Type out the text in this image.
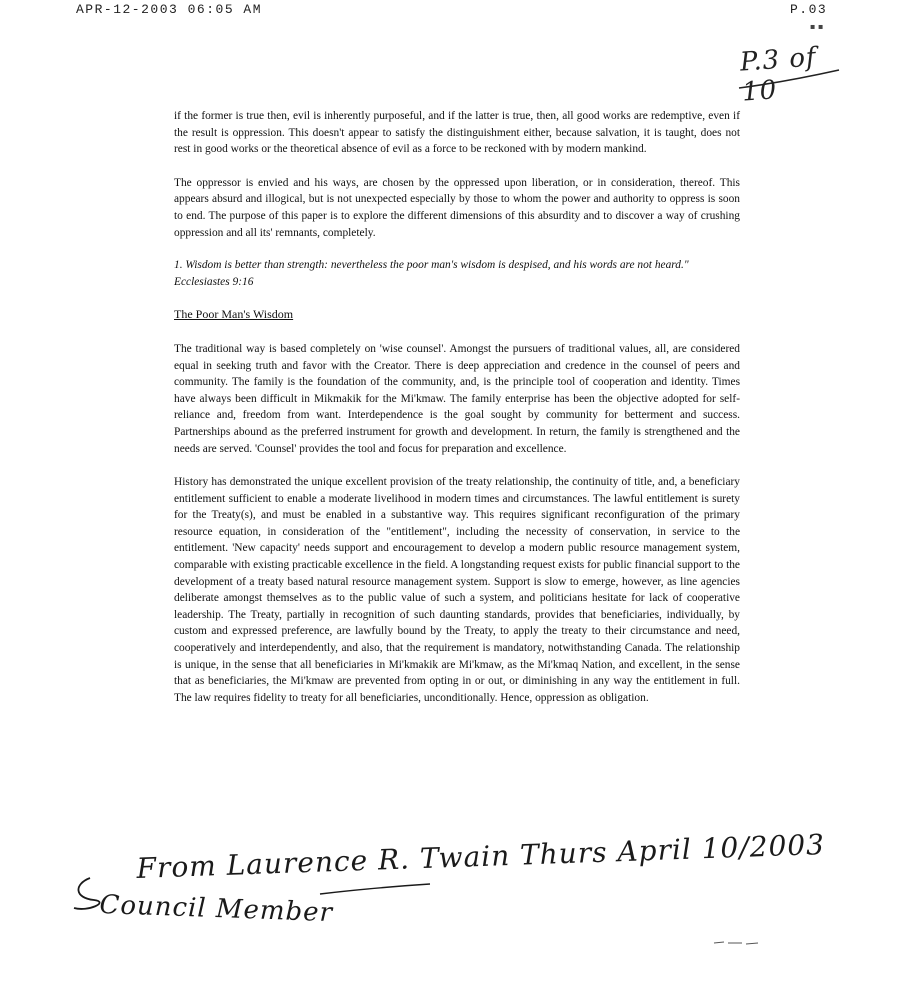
APR-12-2003 06:05 AM	P.03
▪ ▪
P.3 of 10

if the former is true then, evil is inherently purposeful, and if the latter is true, then, all good works are redemptive, even if the result is oppression. This doesn't appear to satisfy the distinguishment either, because salvation, it is taught, does not rest in good works or the theoretical absence of evil as a force to be reckoned with by modern mankind.

The oppressor is envied and his ways, are chosen by the oppressed upon liberation, or in consideration, thereof. This appears absurd and illogical, but is not unexpected especially by those to whom the power and authority to oppress is soon to end. The purpose of this paper is to explore the different dimensions of this absurdity and to discover a way of crushing oppression and all its' remnants, completely.

1. Wisdom is better than strength: nevertheless the poor man's wisdom is despised, and his words are not heard." Ecclesiastes 9:16

The Poor Man's Wisdom

The traditional way is based completely on 'wise counsel'. Amongst the pursuers of traditional values, all, are considered equal in seeking truth and favor with the Creator. There is deep appreciation and credence in the counsel of peers and community. The family is the foundation of the community, and, is the principle tool of cooperation and identity. Times have always been difficult in Mikmakik for the Mi'kmaw. The family enterprise has been the objective adopted for self-reliance and, freedom from want. Interdependence is the goal sought by community for betterment and success. Partnerships abound as the preferred instrument for growth and development. In return, the family is strengthened and the needs are served. 'Counsel' provides the tool and focus for preparation and excellence.

History has demonstrated the unique excellent provision of the treaty relationship, the continuity of title, and, a beneficiary entitlement sufficient to enable a moderate livelihood in modern times and circumstances. The lawful entitlement is surety for the Treaty(s), and must be enabled in a substantive way. This requires significant reconfiguration of the primary resource equation, in consideration of the "entitlement", including the necessity of conservation, in service to the entitlement. 'New capacity' needs support and encouragement to develop a modern public resource management system, comparable with existing practicable excellence in the field. A longstanding request exists for public financial support to the development of a treaty based natural resource management system. Support is slow to emerge, however, as line agencies deliberate amongst themselves as to the public value of such a system, and politicians hesitate for lack of cooperative leadership. The Treaty, partially in recognition of such daunting standards, provides that beneficiaries, individually, by custom and expressed preference, are lawfully bound by the Treaty, to apply the treaty to their circumstance and need, cooperatively and interdependently, and also, that the requirement is mandatory, notwithstanding Canada. The relationship is unique, in the sense that all beneficiaries in Mi'kmakik are Mi'kmaw, as the Mi'kmaq Nation, and excellent, in the sense that as beneficiaries, the Mi'kmaw are prevented from opting in or out, or diminishing in any way the entitlement in full. The law requires fidelity to treaty for all beneficiaries, unconditionally. Hence, oppression as obligation.

From Laurence R. Twain Thurs April 10/2003
Council Member
